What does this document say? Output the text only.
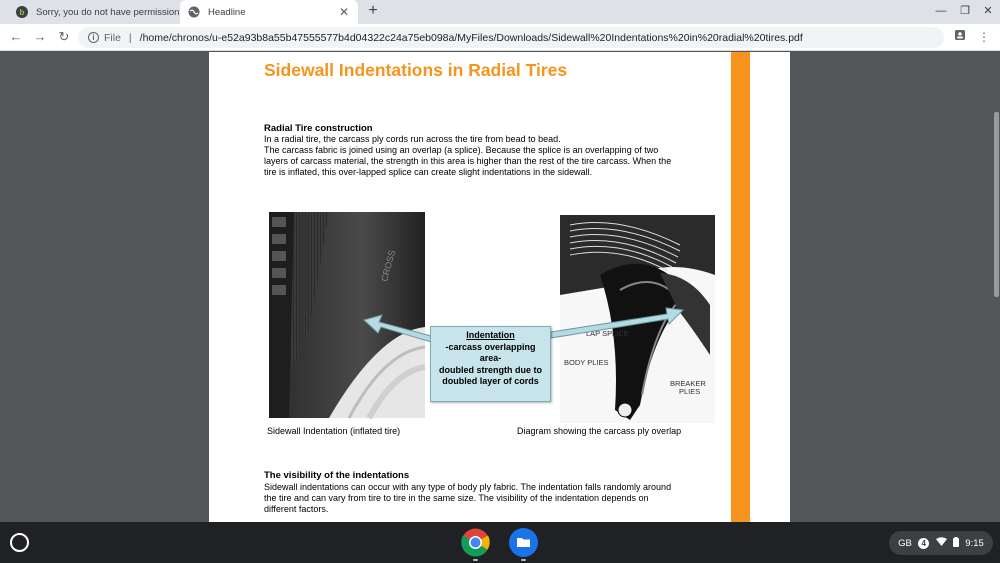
b Sorry, you do not have permission	Headline	✕ +	— ❐ ✕
← → ↻	i File | /home/chronos/u-e52a93b8a55b47555577b4d04322c24a75eb098a/MyFiles/Downloads/Sidewall%20Indentations%20in%20radial%20tires.pdf	⋮
Sidewall Indentations in Radial Tires
Radial Tire construction
In a radial tire, the carcass ply cords run across the tire from bead to bead.
The carcass fabric is joined using an overlap (a splice). Because the splice is an overlapping of two
layers of carcass material, the strength in this area is higher than the rest of the tire carcass. When the
tire is inflated, this over-lapped splice can create slight indentations in the sidewall.
CROSS
LAP SPLICE
BODY PLIES
BREAKER
PLIES
Indentation
-carcass overlapping
area-
doubled strength due to
doubled layer of cords
Sidewall Indentation (inflated tire)	Diagram showing the carcass ply overlap
The visibility of the indentations
Sidewall indentations can occur with any type of body ply fabric. The indentation falls randomly around
the tire and can vary from tire to tire in the same size. The visibility of the indentation depends on
different factors.
GB	4	9:15
